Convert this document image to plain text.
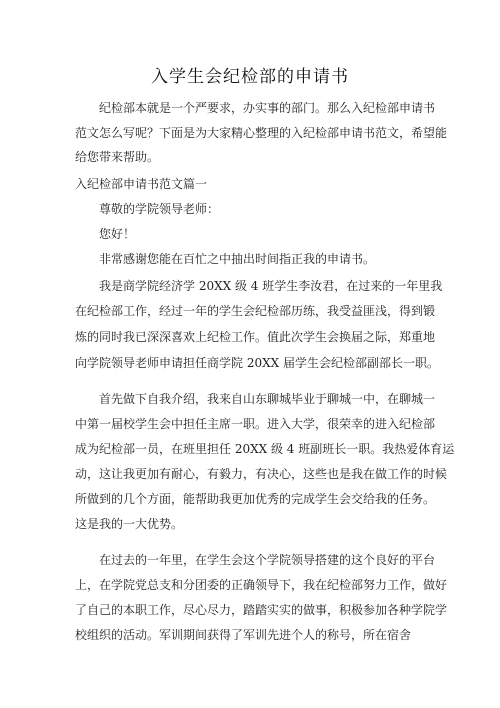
入学生会纪检部的申请书
纪检部本就是一个严要求，办实事的部门。那么入纪检部申请书
范文怎么写呢？下面是为大家精心整理的入纪检部申请书范文，希望能
给您带来帮助。
入纪检部申请书范文篇一
尊敬的学院领导老师：
您好！
非常感谢您能在百忙之中抽出时间指正我的申请书。
我是商学院经济学 20XX 级 4 班学生李汝君，在过来的一年里我
在纪检部工作，经过一年的学生会纪检部历练，我受益匪浅，得到锻
炼的同时我已深深喜欢上纪检工作。值此次学生会换届之际，郑重地
向学院领导老师申请担任商学院 20XX 届学生会纪检部副部长一职。
首先做下自我介绍，我来自山东聊城毕业于聊城一中，在聊城一
中第一届校学生会中担任主席一职。进入大学，很荣幸的进入纪检部
成为纪检部一员，在班里担任 20XX 级 4 班副班长一职。我热爱体育运
动，这让我更加有耐心，有毅力，有决心，这些也是我在做工作的时候
所做到的几个方面，能帮助我更加优秀的完成学生会交给我的任务。
这是我的一大优势。
在过去的一年里，在学生会这个学院领导搭建的这个良好的平台
上，在学院党总支和分团委的正确领导下，我在纪检部努力工作，做好
了自己的本职工作，尽心尽力，踏踏实实的做事，积极参加各种学院学
校组织的活动。军训期间获得了军训先进个人的称号，所在宿舍
